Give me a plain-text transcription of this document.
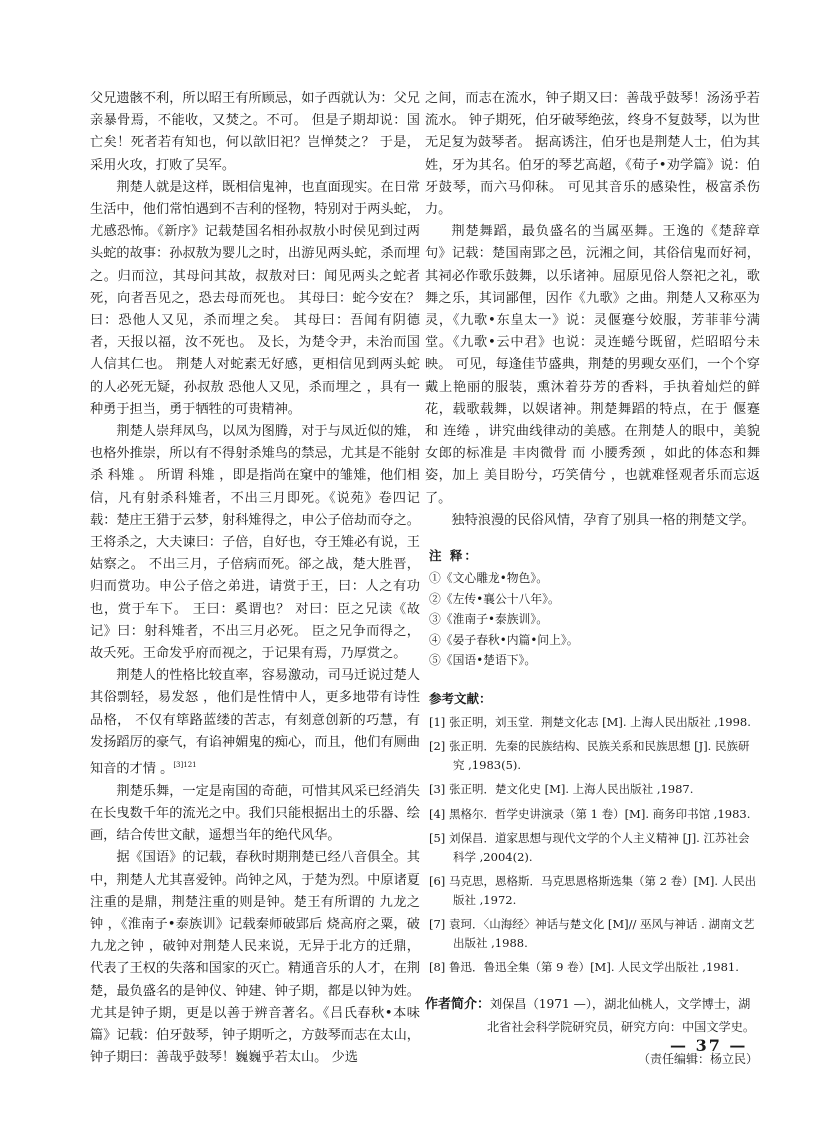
父兄遗骸不利，所以昭王有所顾忌，如子西就认为：父兄亲暴骨焉，不能收，又焚之。不可。 但是子期却说：国亡矣！死者若有知也，何以歆旧祀？岂惮焚之？ 于是，采用火攻，打败了吴军。

荆楚人就是这样，既相信鬼神，也直面现实。在日常生活中，他们常怕遇到不吉利的怪物，特别对于两头蛇，尤感恐怖。《新序》记载楚国名相孙叔敖小时侯见到过两头蛇的故事：孙叔敖为婴儿之时，出游见两头蛇，杀而埋之。归而泣，其母问其故，叔敖对曰：闻见两头之蛇者死，向者吾见之，恐去母而死也。 其母曰：蛇今安在？曰：恐他人又见，杀而埋之矣。 其母曰：吾闻有阴德者，天报以福，汝不死也。 及长，为楚令尹，未治而国人信其仁也。 荆楚人对蛇素无好感，更相信见到两头蛇的人必死无疑，孙叔敖 恐他人又见，杀而埋之 ，具有一种勇于担当，勇于牺牲的可贵精神。

荆楚人崇拜凤鸟，以凤为图腾，对于与凤近似的雉，也格外推崇，所以有不得射杀雉鸟的禁忌，尤其是不能射杀 科雉 。 所谓 科雉 ，即是指尚在窠中的雏雉，他们相信，凡有射杀科雉者，不出三月即死。《说苑》卷四记载：楚庄王猎于云梦，射科雉得之，申公子倍劫而夺之。王将杀之，大夫谏曰：子倍，自好也，夺王雉必有说，王姑察之。 不出三月，子倍病而死。郤之战，楚大胜晋，归而赏功。申公子倍之弟进，请赏于王，曰：人之有功也，赏于车下。 王曰：奚谓也？ 对曰：臣之兄读《故记》曰：射科雉者，不出三月必死。 臣之兄争而得之，故夭死。王命发乎府而视之，于记果有焉，乃厚赏之。

荆楚人的性格比较直率，容易激动，司马迁说过楚人 其俗剽轻，易发怒 ，他们是性情中人，更多地带有诗性品格， 不仅有筚路蓝缕的苦志，有刻意创新的巧慧，有发扬蹈厉的豪气，有谄神媚鬼的痴心，而且，他们有厕曲知音的才情 。$^{[3]121}$

荆楚乐舞，一定是南国的奇葩，可惜其风采已经消失在长曳数千年的流光之中。我们只能根据出土的乐器、绘画，结合传世文献，遥想当年的绝代风华。

据《国语》的记载，春秋时期荆楚已经八音俱全。其中，荆楚人尤其喜爱钟。尚钟之风，于楚为烈。中原诸夏注重的是鼎，荆楚注重的则是钟。楚王有所谓的 九龙之钟 ，《淮南子•泰族训》记载秦师破郢后 烧高府之粟，破九龙之钟 ，破钟对荆楚人民来说，无异于北方的迁鼎，代表了王权的失落和国家的灭亡。精通音乐的人才，在荆楚，最负盛名的是钟仪、钟建、钟子期，都是以钟为姓。尤其是钟子期，更是以善于辨音著名。《吕氏春秋•本味篇》记载：伯牙鼓琴，钟子期听之，方鼓琴而志在太山，钟子期曰：善哉乎鼓琴！巍巍乎若太山。 少选

之间，而志在流水，钟子期又曰：善哉乎鼓琴！汤汤乎若流水。 钟子期死，伯牙破琴绝弦，终身不复鼓琴，以为世无足复为鼓琴者。 据高诱注，伯牙也是荆楚人士，伯为其姓，牙为其名。伯牙的琴艺高超，《荀子•劝学篇》说：伯牙鼓琴，而六马仰秣。 可见其音乐的感染性，极富杀伤力。

荆楚舞蹈，最负盛名的当属巫舞。王逸的《楚辞章句》记载：楚国南郢之邑，沅湘之间，其俗信鬼而好祠，其祠必作歌乐鼓舞，以乐诸神。屈原见俗人祭祀之礼，歌舞之乐，其词鄙俚，因作《九歌》之曲。荆楚人又称巫为灵，《九歌•东皇太一》说：灵偃蹇兮姣服，芳菲菲兮满堂。《九歌•云中君》也说：灵连蜷兮既留，烂昭昭兮未映。 可见，每逢佳节盛典，荆楚的男觋女巫们，一个个穿戴上艳丽的服装，熏沐着芬芳的香料，手执着灿烂的鲜花，载歌载舞，以娱诸神。荆楚舞蹈的特点，在于 偃蹇 和 连绻 ，讲究曲线律动的美感。在荆楚人的眼中，美貌女郎的标准是 丰肉微骨 而 小腰秀颈 ，如此的体态和舞姿，加上 美目盼兮，巧笑倩兮 ，也就难怪观者乐而忘返了。

独特浪漫的民俗风情，孕育了别具一格的荆楚文学。

注 释：
①《文心雕龙•物色》。
②《左传•襄公十八年》。
③《淮南子•泰族训》。
④《晏子春秋•内篇•问上》。
⑤《国语•楚语下》。
参考文献：
[1] 张正明，刘玉堂．荆楚文化志 [M]. 上海人民出版社 ,1998.
[2] 张正明．先秦的民族结构、民族关系和民族思想 [J]. 民族研究 ,1983(5).
[3] 张正明．楚文化史 [M]. 上海人民出版社 ,1987.
[4] 黑格尔．哲学史讲演录（第 1 卷）[M]. 商务印书馆 ,1983.
[5] 刘保昌．道家思想与现代文学的个人主义精神 [J]. 江苏社会科学 ,2004(2).
[6] 马克思，恩格斯．马克思恩格斯选集（第 2 卷）[M]. 人民出版社 ,1972.
[7] 袁珂．〈山海经〉神话与楚文化 [M]// 巫风与神话 . 湖南文艺出版社 ,1988.
[8] 鲁迅．鲁迅全集（第 9 卷）[M]. 人民文学出版社 ,1981.
作者简介：刘保昌（1971 —），湖北仙桃人，文学博士，湖北省社会科学院研究员，研究方向：中国文学史。
（责任编辑：杨立民）
— 37 —
